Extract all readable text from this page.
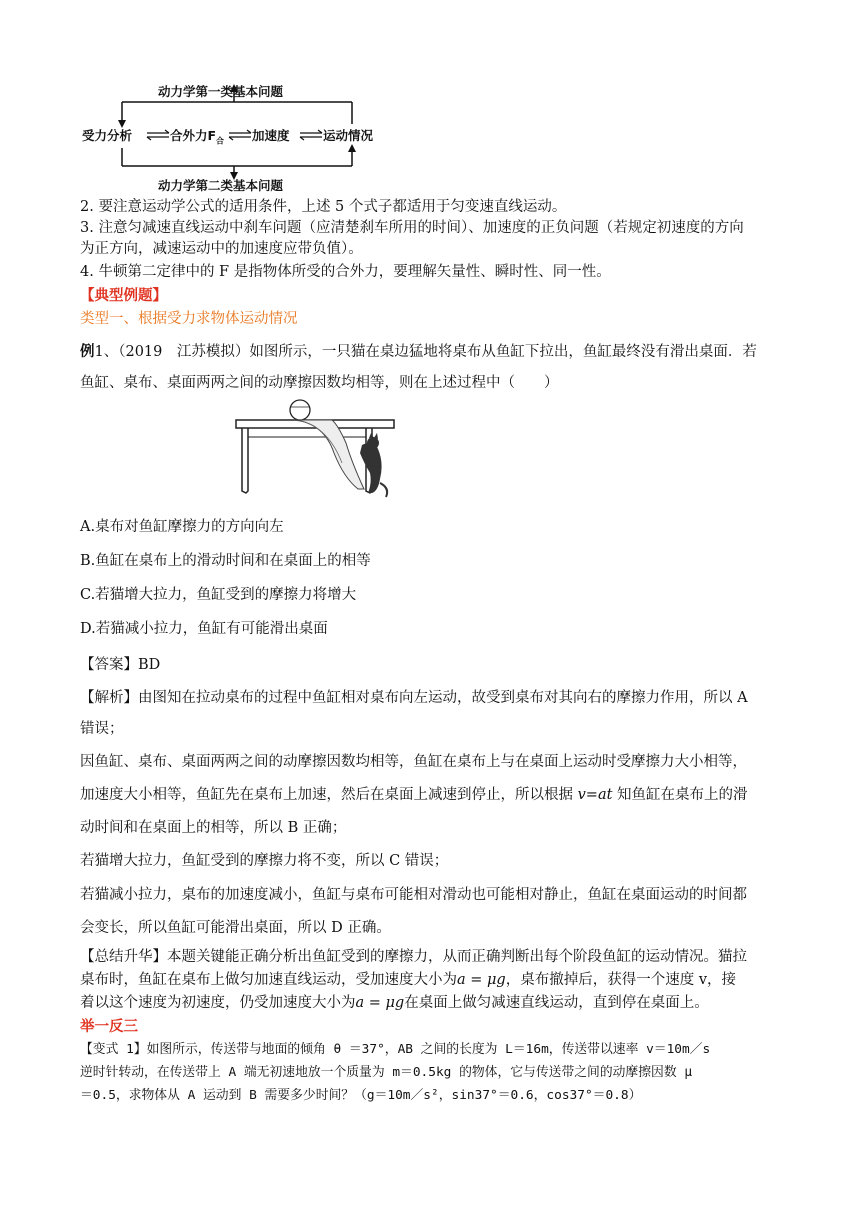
动力学第一类基本问题
受力分析	合外力$F_合$ 加速度	运动情况
动力学第二类基本问题
2. 要注意运动学公式的适用条件，上述 5 个式子都适用于匀变速直线运动。
3. 注意匀减速直线运动中刹车问题（应清楚刹车所用的时间）、加速度的正负问题（若规定初速度的方向
为正方向，减速运动中的加速度应带负值）。
4. 牛顿第二定律中的 F 是指物体所受的合外力，要理解矢量性、瞬时性、同一性。
【典型例题】
类型一、根据受力求物体运动情况
例1、（2019　江苏模拟）如图所示，一只猫在桌边猛地将桌布从鱼缸下拉出，鱼缸最终没有滑出桌面．若
鱼缸、桌布、桌面两两之间的动摩擦因数均相等，则在上述过程中（　　）
A.桌布对鱼缸摩擦力的方向向左
B.鱼缸在桌布上的滑动时间和在桌面上的相等
C.若猫增大拉力，鱼缸受到的摩擦力将增大
D.若猫减小拉力，鱼缸有可能滑出桌面
【答案】BD
【解析】由图知在拉动桌布的过程中鱼缸相对桌布向左运动，故受到桌布对其向右的摩擦力作用，所以 A
错误；
因鱼缸、桌布、桌面两两之间的动摩擦因数均相等，鱼缸在桌布上与在桌面上运动时受摩擦力大小相等，
加速度大小相等，鱼缸先在桌布上加速，然后在桌面上减速到停止，所以根据 v=at 知鱼缸在桌布上的滑
动时间和在桌面上的相等，所以 B 正确；
若猫增大拉力，鱼缸受到的摩擦力将不变，所以 C 错误；
若猫减小拉力，桌布的加速度减小，鱼缸与桌布可能相对滑动也可能相对静止，鱼缸在桌面运动的时间都
会变长，所以鱼缸可能滑出桌面，所以 D 正确。
【总结升华】本题关键能正确分析出鱼缸受到的摩擦力，从而正确判断出每个阶段鱼缸的运动情况。猫拉
桌布时，鱼缸在桌布上做匀加速直线运动，受加速度大小为a = μg，桌布撤掉后，获得一个速度 v，接
着以这个速度为初速度，仍受加速度大小为a = μg在桌面上做匀减速直线运动，直到停在桌面上。
举一反三
【变式 1】如图所示，传送带与地面的倾角 θ ＝37°，AB 之间的长度为 L＝16m，传送带以速率 v＝10m／s
逆时针转动，在传送带上 A 端无初速地放一个质量为 m＝0.5kg 的物体，它与传送带之间的动摩擦因数 μ
＝0.5，求物体从 A 运动到 B 需要多少时间？（g＝10m／s²，sin37°＝0.6，cos37°＝0.8）
